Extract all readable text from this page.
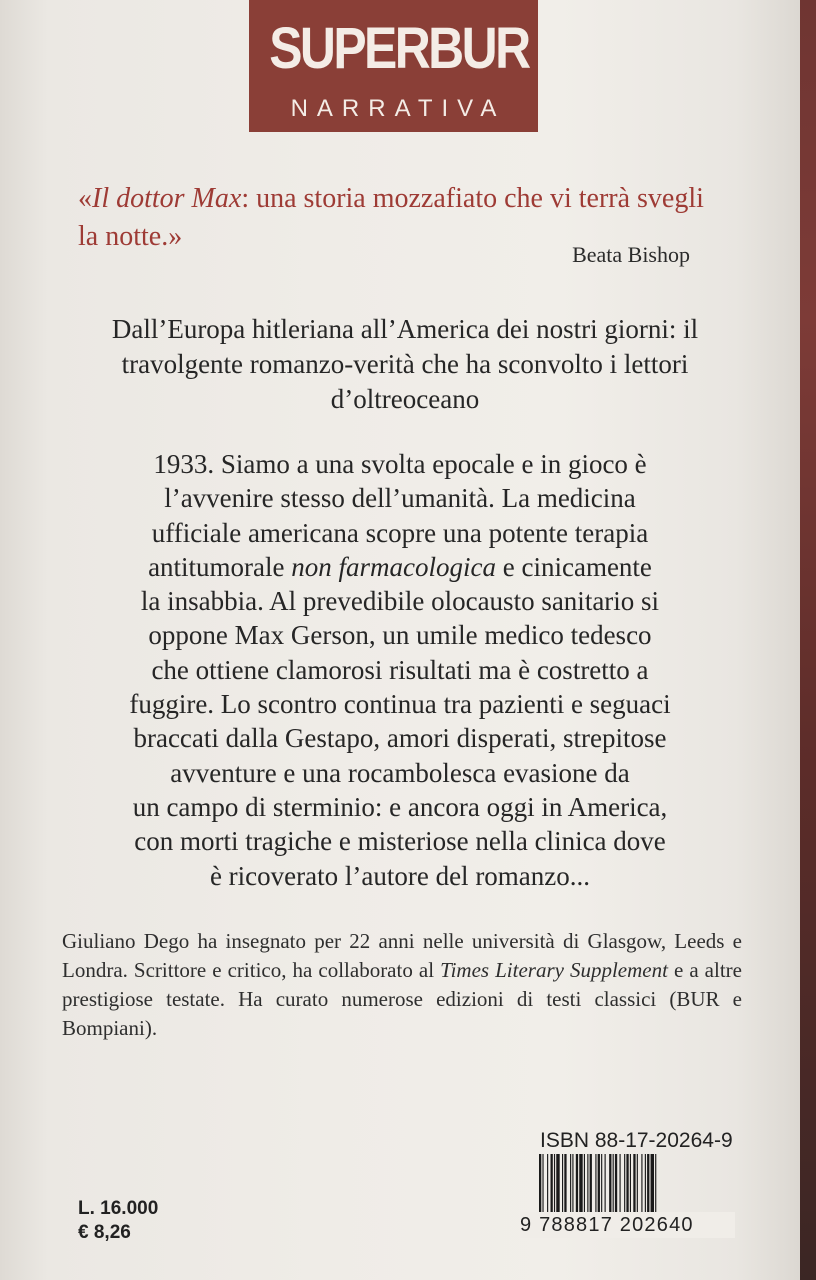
SUPERBUR
NARRATIVA
«Il dottor Max: una storia mozzafiato che vi terrà svegli la notte.»
Beata Bishop
Dall’Europa hitleriana all’America dei nostri giorni: il travolgente romanzo-verità che ha sconvolto i lettori d’oltreoceano
1933. Siamo a una svolta epocale e in gioco è
l’avvenire stesso dell’umanità. La medicina
ufficiale americana scopre una potente terapia
antitumorale non farmacologica e cinicamente
la insabbia. Al prevedibile olocausto sanitario si
oppone Max Gerson, un umile medico tedesco
che ottiene clamorosi risultati ma è costretto a
fuggire. Lo scontro continua tra pazienti e seguaci
braccati dalla Gestapo, amori disperati, strepitose
avventure e una rocambolesca evasione da
un campo di sterminio: e ancora oggi in America,
con morti tragiche e misteriose nella clinica dove
è ricoverato l’autore del romanzo...
Giuliano Dego ha insegnato per 22 anni nelle università di Glasgow, Leeds e Londra. Scrittore e critico, ha collaborato al Times Literary Supplement e a altre prestigiose testate. Ha curato numerose edizioni di testi classici (BUR e Bompiani).
ISBN 88-17-20264-9
9 788817 202640
L. 16.000
€ 8,26
